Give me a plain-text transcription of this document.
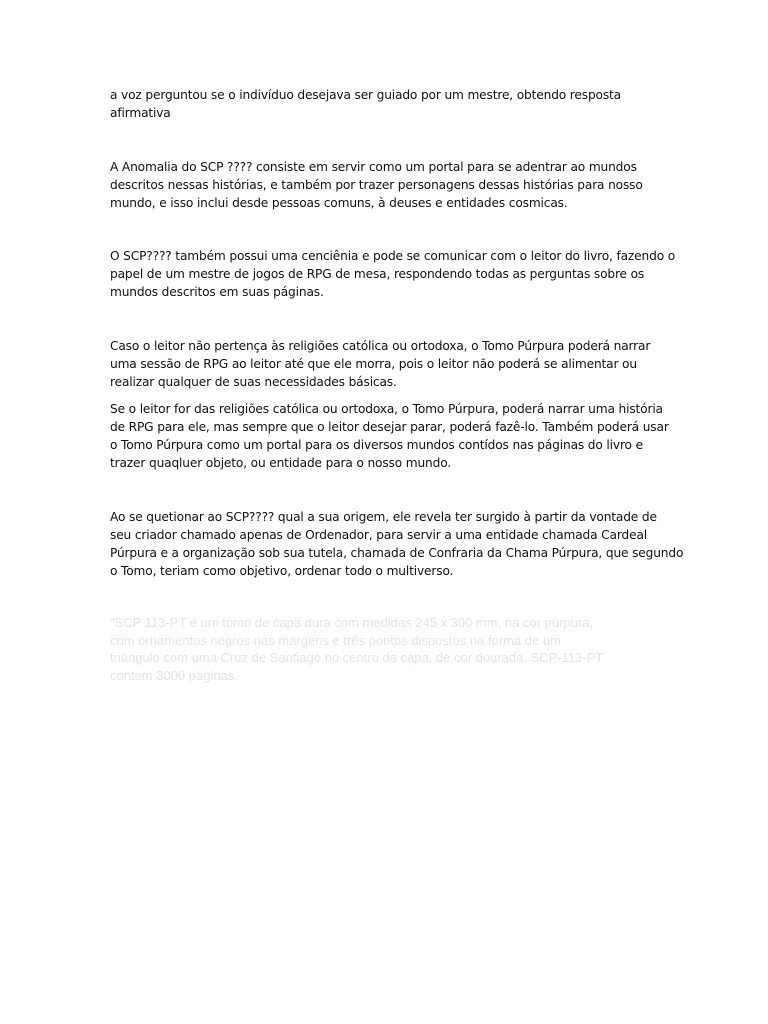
a voz perguntou se o indivíduo desejava ser guiado por um mestre, obtendo resposta
afirmativa

A Anomalia do SCP ???? consiste em servir como um portal para se adentrar ao mundos
descritos nessas histórias, e também por trazer personagens dessas histórias para nosso
mundo, e isso inclui desde pessoas comuns, à deuses e entidades cosmicas.

O SCP???? também possui uma cenciênia e pode se comunicar com o leitor do livro, fazendo o
papel de um mestre de jogos de RPG de mesa, respondendo todas as perguntas sobre os
mundos descritos em suas páginas.

Caso o leitor não pertença às religiões católica ou ortodoxa, o Tomo Púrpura poderá narrar
uma sessão de RPG ao leitor até que ele morra, pois o leitor não poderá se alimentar ou
realizar qualquer de suas necessidades básicas.

Se o leitor for das religiões católica ou ortodoxa, o Tomo Púrpura, poderá narrar uma história
de RPG para ele, mas sempre que o leitor desejar parar, poderá fazê-lo. Também poderá usar
o Tomo Púrpura como um portal para os diversos mundos contídos nas páginas do livro e
trazer quaqluer objeto, ou entidade para o nosso mundo.

Ao se quetionar ao SCP???? qual a sua origem, ele revela ter surgido à partir da vontade de
seu criador chamado apenas de Ordenador, para servir a uma entidade chamada Cardeal
Púrpura e a organização sob sua tutela, chamada de Confraria da Chama Púrpura, que segundo
o Tomo, teriam como objetivo, ordenar todo o multiverso.

"SCP 113-PT é um tomo de capa dura com medidas 245 x 300 mm, na cor púrpura,
com ornamentos negros nas margens e três pontos dispostos na forma de um
triângulo com uma Cruz de Santiago no centro da capa, de cor dourada. SCP-113-PT
contem 3000 páginas.
